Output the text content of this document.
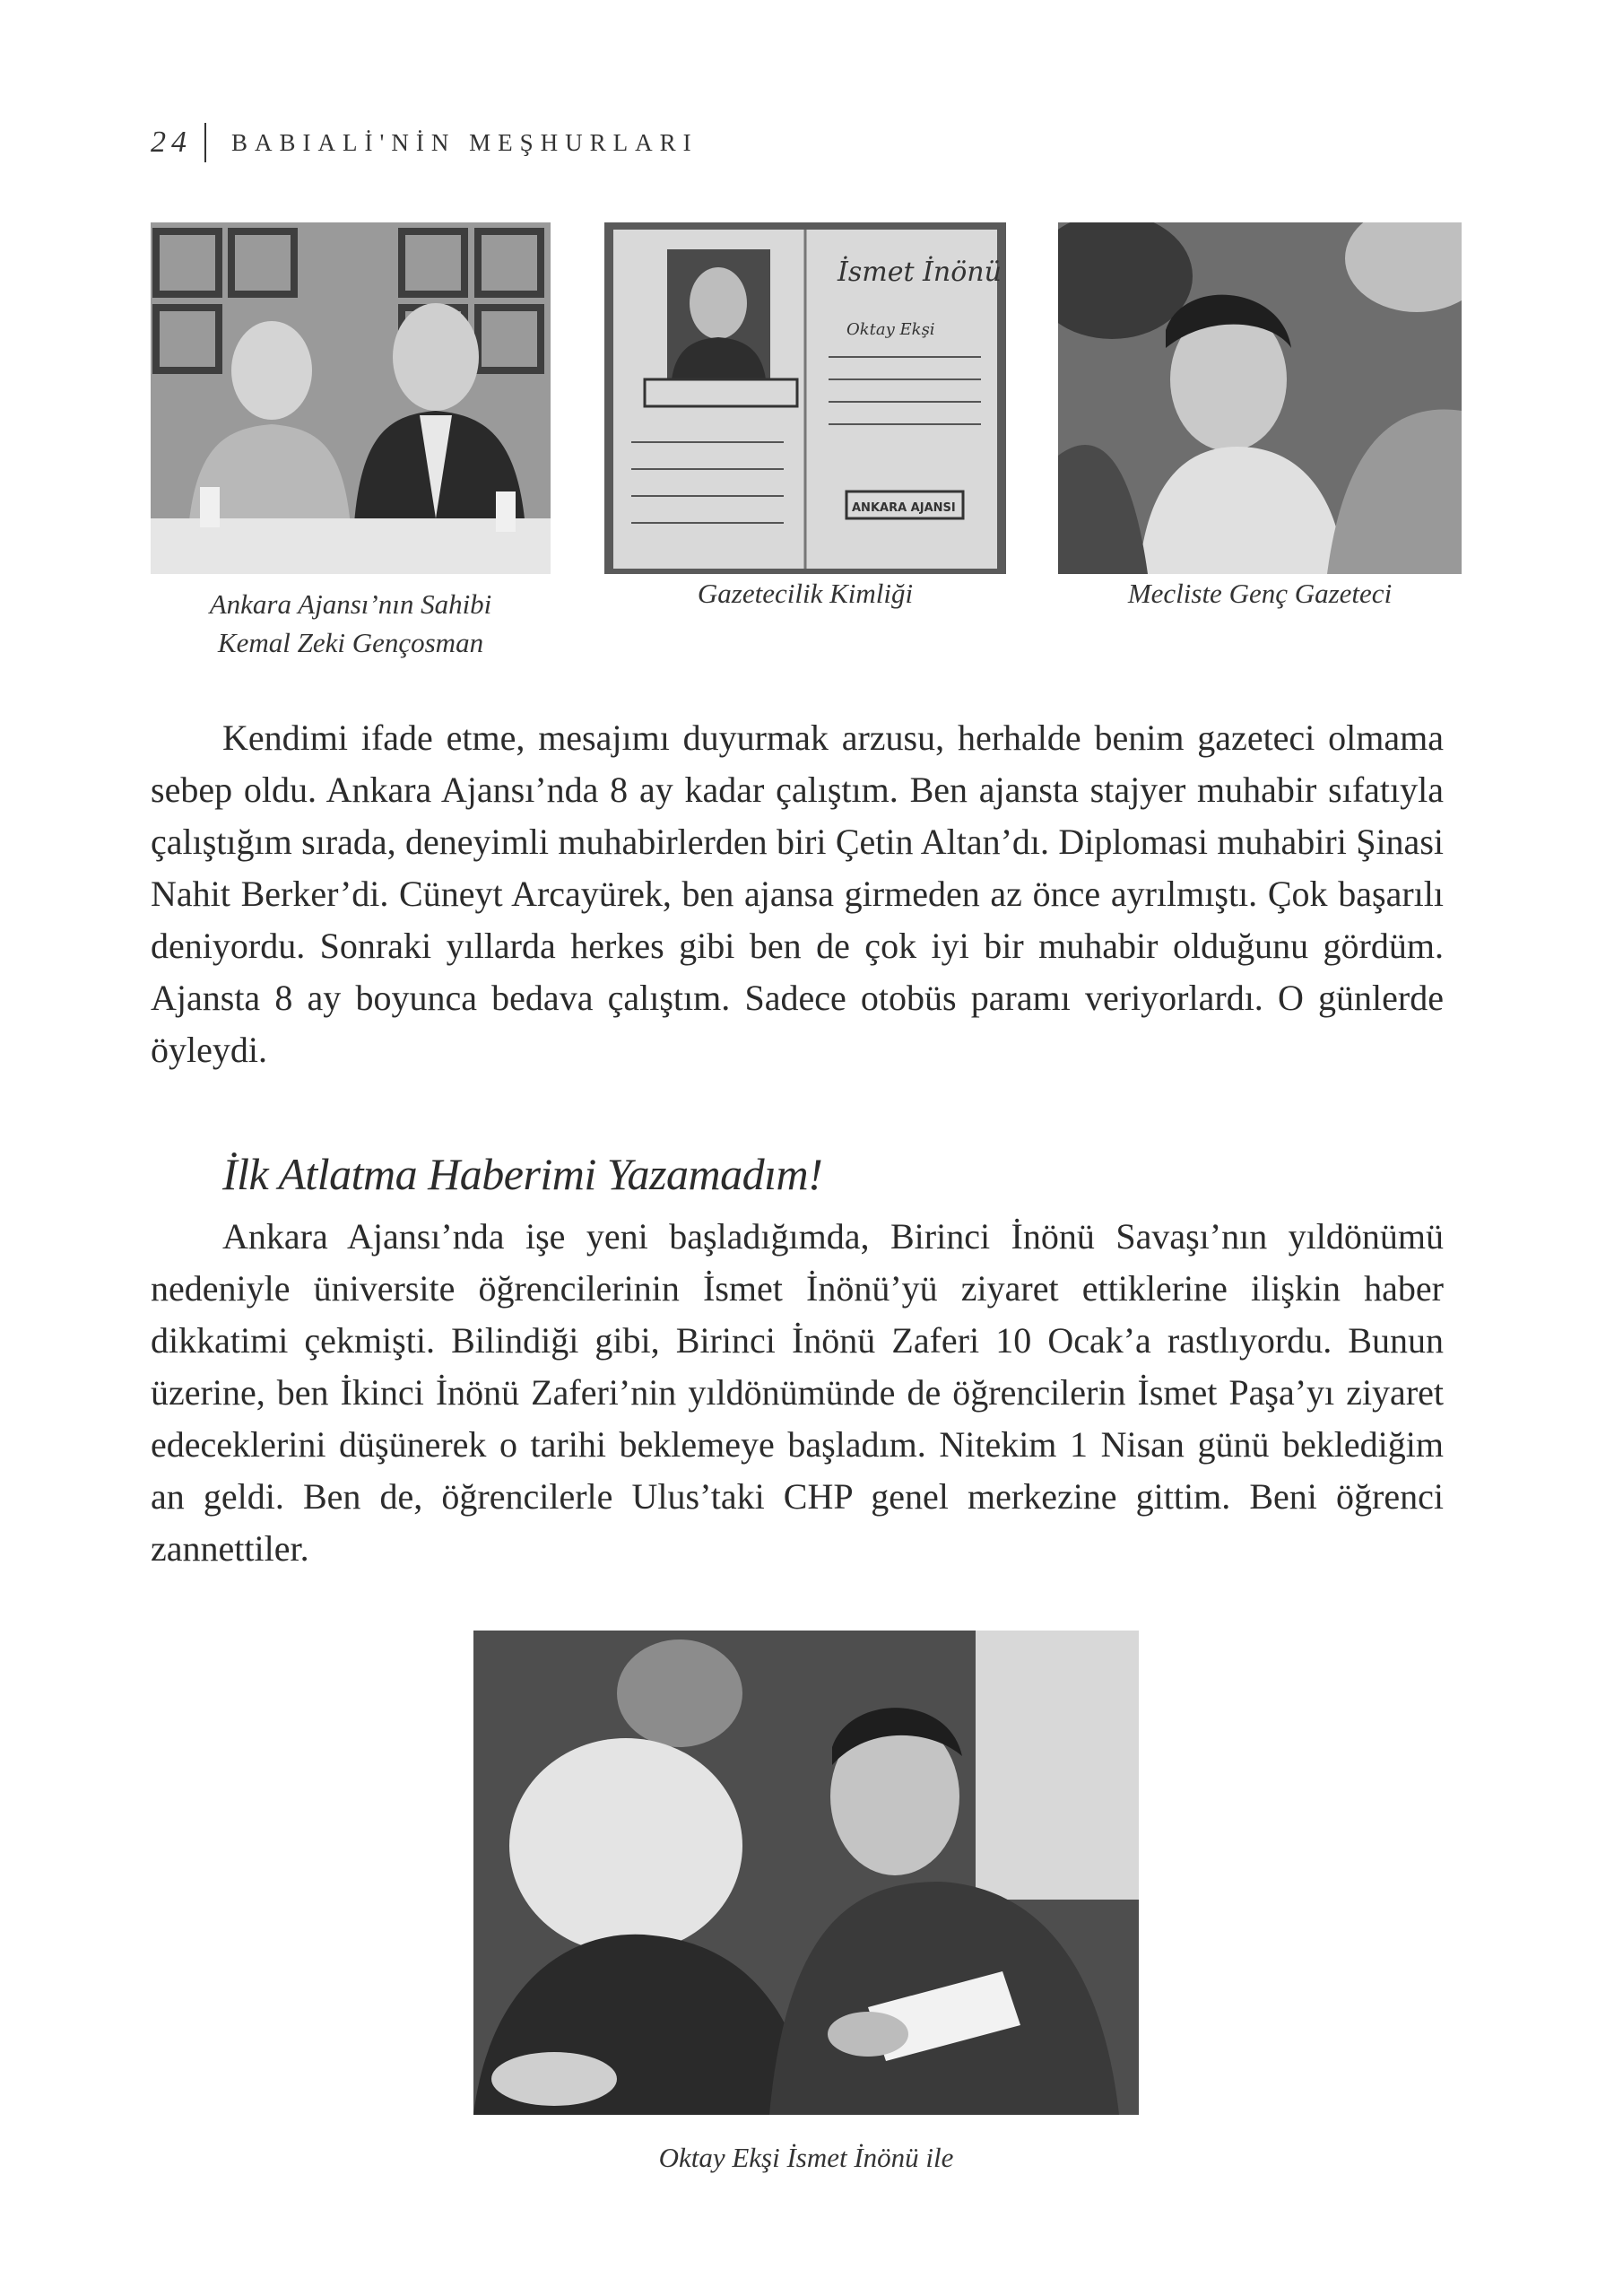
24 BABIALİ'NİN MEŞHURLARI
Ankara Ajansı’nın Sahibi
Kemal Zeki Gençosman
İsmet İnönü
Oktay Ekşi
ANKARA AJANSI
Gazetecilik Kimliği	Mecliste Genç Gazeteci

Kendimi ifade etme, mesajımı duyurmak arzusu, herhalde benim gazeteci olmama sebep oldu. Ankara Ajansı’nda 8 ay kadar çalıştım. Ben ajansta stajyer muhabir sıfatıyla çalıştığım sırada, deneyimli muhabirlerden biri Çetin Altan’dı. Diplomasi muhabiri Şinasi Nahit Berker’di. Cüneyt Arcayürek, ben ajansa girmeden az önce ayrılmıştı. Çok başarılı deniyordu. Sonraki yıllarda herkes gibi ben de çok iyi bir muhabir olduğunu gördüm. Ajansta 8 ay boyunca bedava çalıştım. Sadece otobüs paramı veriyorlardı. O günlerde öyleydi.

İlk Atlatma Haberimi Yazamadım!

Ankara Ajansı’nda işe yeni başladığımda, Birinci İnönü Savaşı’nın yıldönümü nedeniyle üniversite öğrencilerinin İsmet İnönü’yü ziyaret ettiklerine ilişkin haber dikkatimi çekmişti. Bilindiği gibi, Birinci İnönü Zaferi 10 Ocak’a rastlıyordu. Bunun üzerine, ben İkinci İnönü Zaferi’nin yıldönümünde de öğrencilerin İsmet Paşa’yı ziyaret edeceklerini düşünerek o tarihi beklemeye başladım. Nitekim 1 Nisan günü beklediğim an geldi. Ben de, öğrencilerle Ulus’taki CHP genel merkezine gittim. Beni öğrenci zannettiler.

Oktay Ekşi İsmet İnönü ile
